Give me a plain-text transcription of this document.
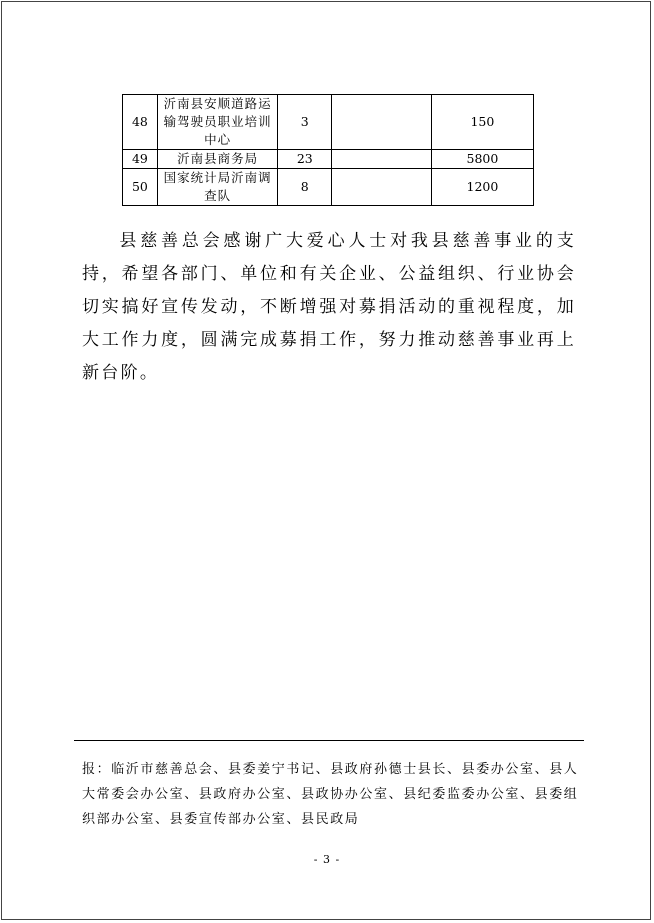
48	沂南县安顺道路运输驾驶员职业培训中心	3		150
49	沂南县商务局	23		5800
50	国家统计局沂南调查队	8		1200

县慈善总会感谢广大爱心人士对我县慈善事业的支持，希望各部门、单位和有关企业、公益组织、行业协会切实搞好宣传发动，不断增强对募捐活动的重视程度，加大工作力度，圆满完成募捐工作，努力推动慈善事业再上新台阶。

报：临沂市慈善总会、县委姜宁书记、县政府孙德士县长、县委办公室、县人大常委会办公室、县政府办公室、县政协办公室、县纪委监委办公室、县委组织部办公室、县委宣传部办公室、县民政局

- 3 -
